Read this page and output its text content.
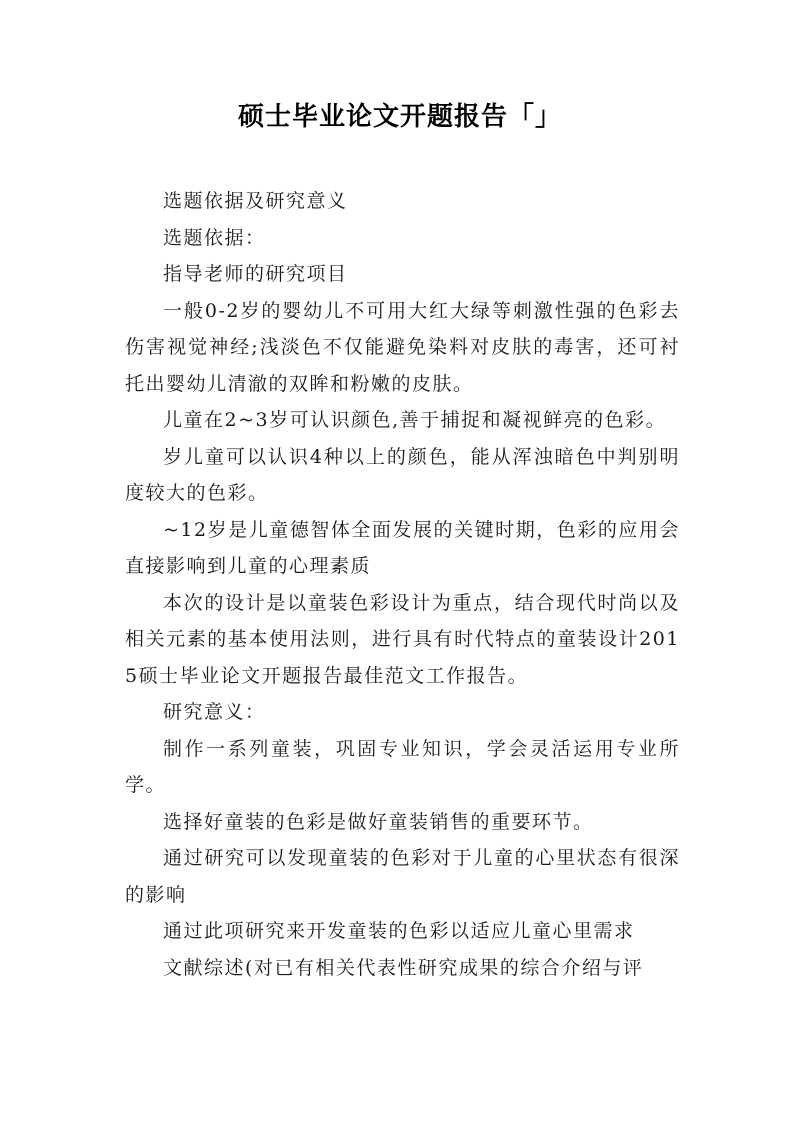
硕士毕业论文开题报告「」

选题依据及研究意义

选题依据：

指导老师的研究项目

一般0-2岁的婴幼儿不可用大红大绿等刺激性强的色彩去伤害视觉神经;浅淡色不仅能避免染料对皮肤的毒害，还可衬托出婴幼儿清澈的双眸和粉嫩的皮肤。

儿童在2~3岁可认识颜色,善于捕捉和凝视鲜亮的色彩。

岁儿童可以认识4种以上的颜色，能从浑浊暗色中判别明度较大的色彩。

~12岁是儿童德智体全面发展的关键时期，色彩的应用会直接影响到儿童的心理素质

本次的设计是以童装色彩设计为重点，结合现代时尚以及相关元素的基本使用法则，进行具有时代特点的童装设计2015硕士毕业论文开题报告最佳范文工作报告。

研究意义：

制作一系列童装，巩固专业知识，学会灵活运用专业所学。

选择好童装的色彩是做好童装销售的重要环节。

通过研究可以发现童装的色彩对于儿童的心里状态有很深的影响

通过此项研究来开发童装的色彩以适应儿童心里需求

文献综述(对已有相关代表性研究成果的综合介绍与评
